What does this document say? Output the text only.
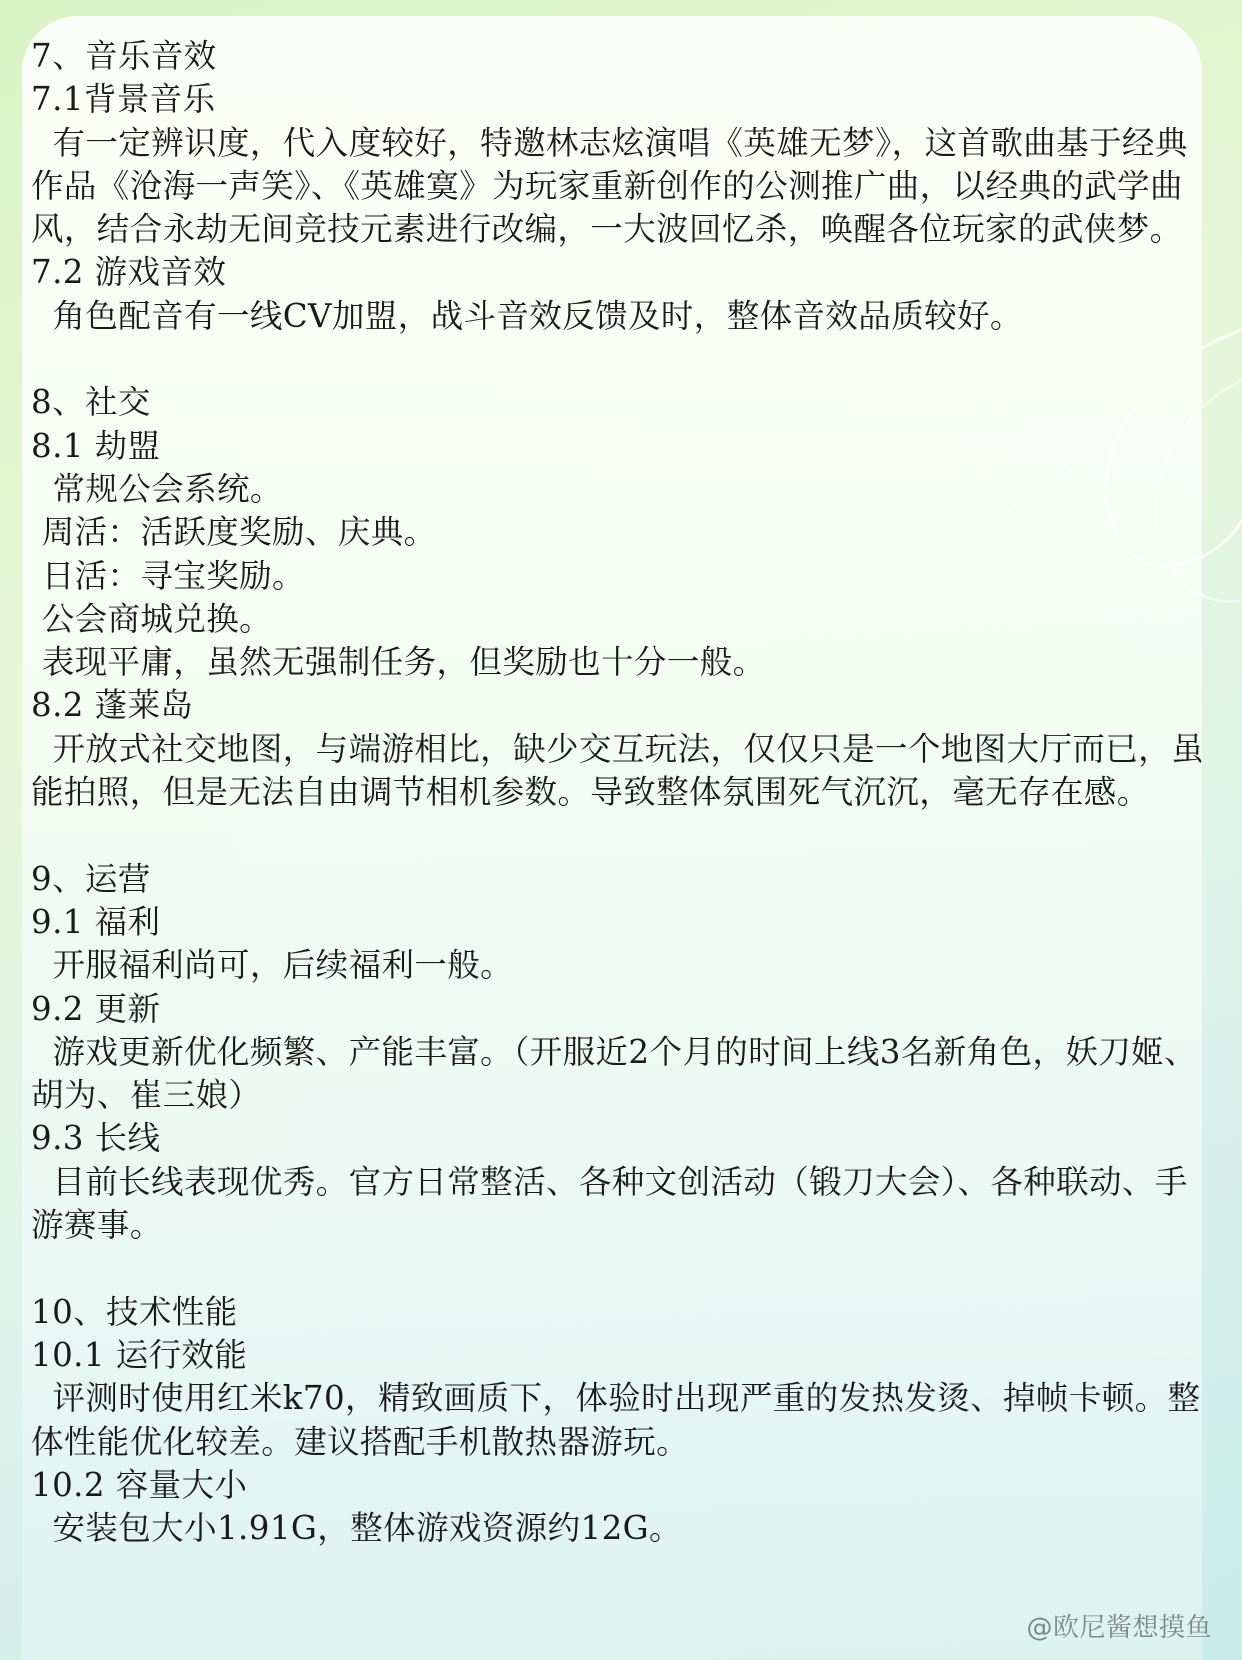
7、音乐音效

7.1背景音乐

有一定辨识度，代入度较好，特邀林志炫演唱《英雄无梦》，这首歌曲基于经典作品《沧海一声笑》、《英雄寞》为玩家重新创作的公测推广曲，以经典的武学曲风，结合永劫无间竞技元素进行改编，一大波回忆杀，唤醒各位玩家的武侠梦。

7.2 游戏音效

角色配音有一线CV加盟，战斗音效反馈及时，整体音效品质较好。

8、社交

8.1 劫盟

常规公会系统。

周活：活跃度奖励、庆典。

日活：寻宝奖励。

公会商城兑换。

表现平庸，虽然无强制任务，但奖励也十分一般。

8.2 蓬莱岛

开放式社交地图，与端游相比，缺少交互玩法，仅仅只是一个地图大厅而已，虽能拍照，但是无法自由调节相机参数。导致整体氛围死气沉沉，毫无存在感。

9、运营

9.1 福利

开服福利尚可，后续福利一般。

9.2 更新

游戏更新优化频繁、产能丰富。（开服近2个月的时间上线3名新角色，妖刀姬、胡为、崔三娘）

9.3 长线

目前长线表现优秀。官方日常整活、各种文创活动（锻刀大会）、各种联动、手游赛事。

10、技术性能

10.1 运行效能

评测时使用红米k70，精致画质下，体验时出现严重的发热发烫、掉帧卡顿。整体性能优化较差。建议搭配手机散热器游玩。

10.2 容量大小

安装包大小1.91G，整体游戏资源约12G。

@欧尼酱想摸鱼
